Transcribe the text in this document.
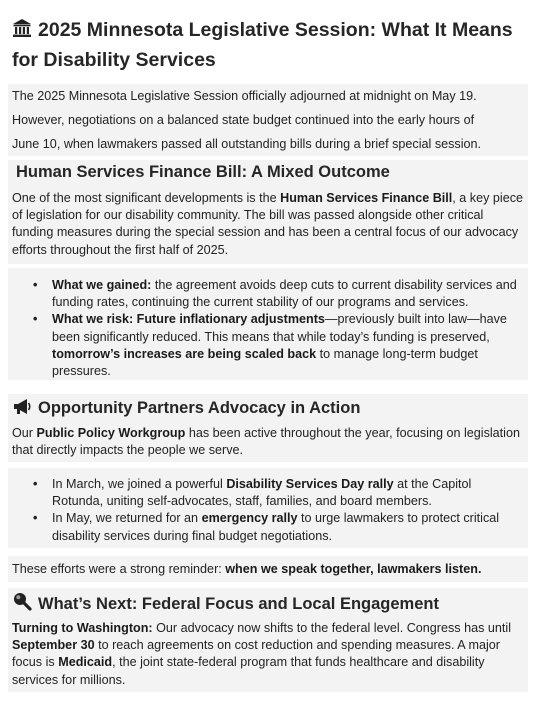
2025 Minnesota Legislative Session: What It Means for Disability Services
The 2025 Minnesota Legislative Session officially adjourned at midnight on May 19.
However, negotiations on a balanced state budget continued into the early hours of
June 10, when lawmakers passed all outstanding bills during a brief special session.
Human Services Finance Bill: A Mixed Outcome
One of the most significant developments is the Human Services Finance Bill, a key piece of legislation for our disability community. The bill was passed alongside other critical funding measures during the special session and has been a central focus of our advocacy efforts throughout the first half of 2025.
• What we gained: the agreement avoids deep cuts to current disability services and funding rates, continuing the current stability of our programs and services.
• What we risk: Future inflationary adjustments—previously built into law—have been significantly reduced. This means that while today’s funding is preserved, tomorrow’s increases are being scaled back to manage long-term budget pressures.
Opportunity Partners Advocacy in Action
Our Public Policy Workgroup has been active throughout the year, focusing on legislation that directly impacts the people we serve.
• In March, we joined a powerful Disability Services Day rally at the Capitol Rotunda, uniting self-advocates, staff, families, and board members.
• In May, we returned for an emergency rally to urge lawmakers to protect critical disability services during final budget negotiations.
These efforts were a strong reminder: when we speak together, lawmakers listen.
What’s Next: Federal Focus and Local Engagement
Turning to Washington: Our advocacy now shifts to the federal level. Congress has until September 30 to reach agreements on cost reduction and spending measures. A major focus is Medicaid, the joint state-federal program that funds healthcare and disability services for millions.
